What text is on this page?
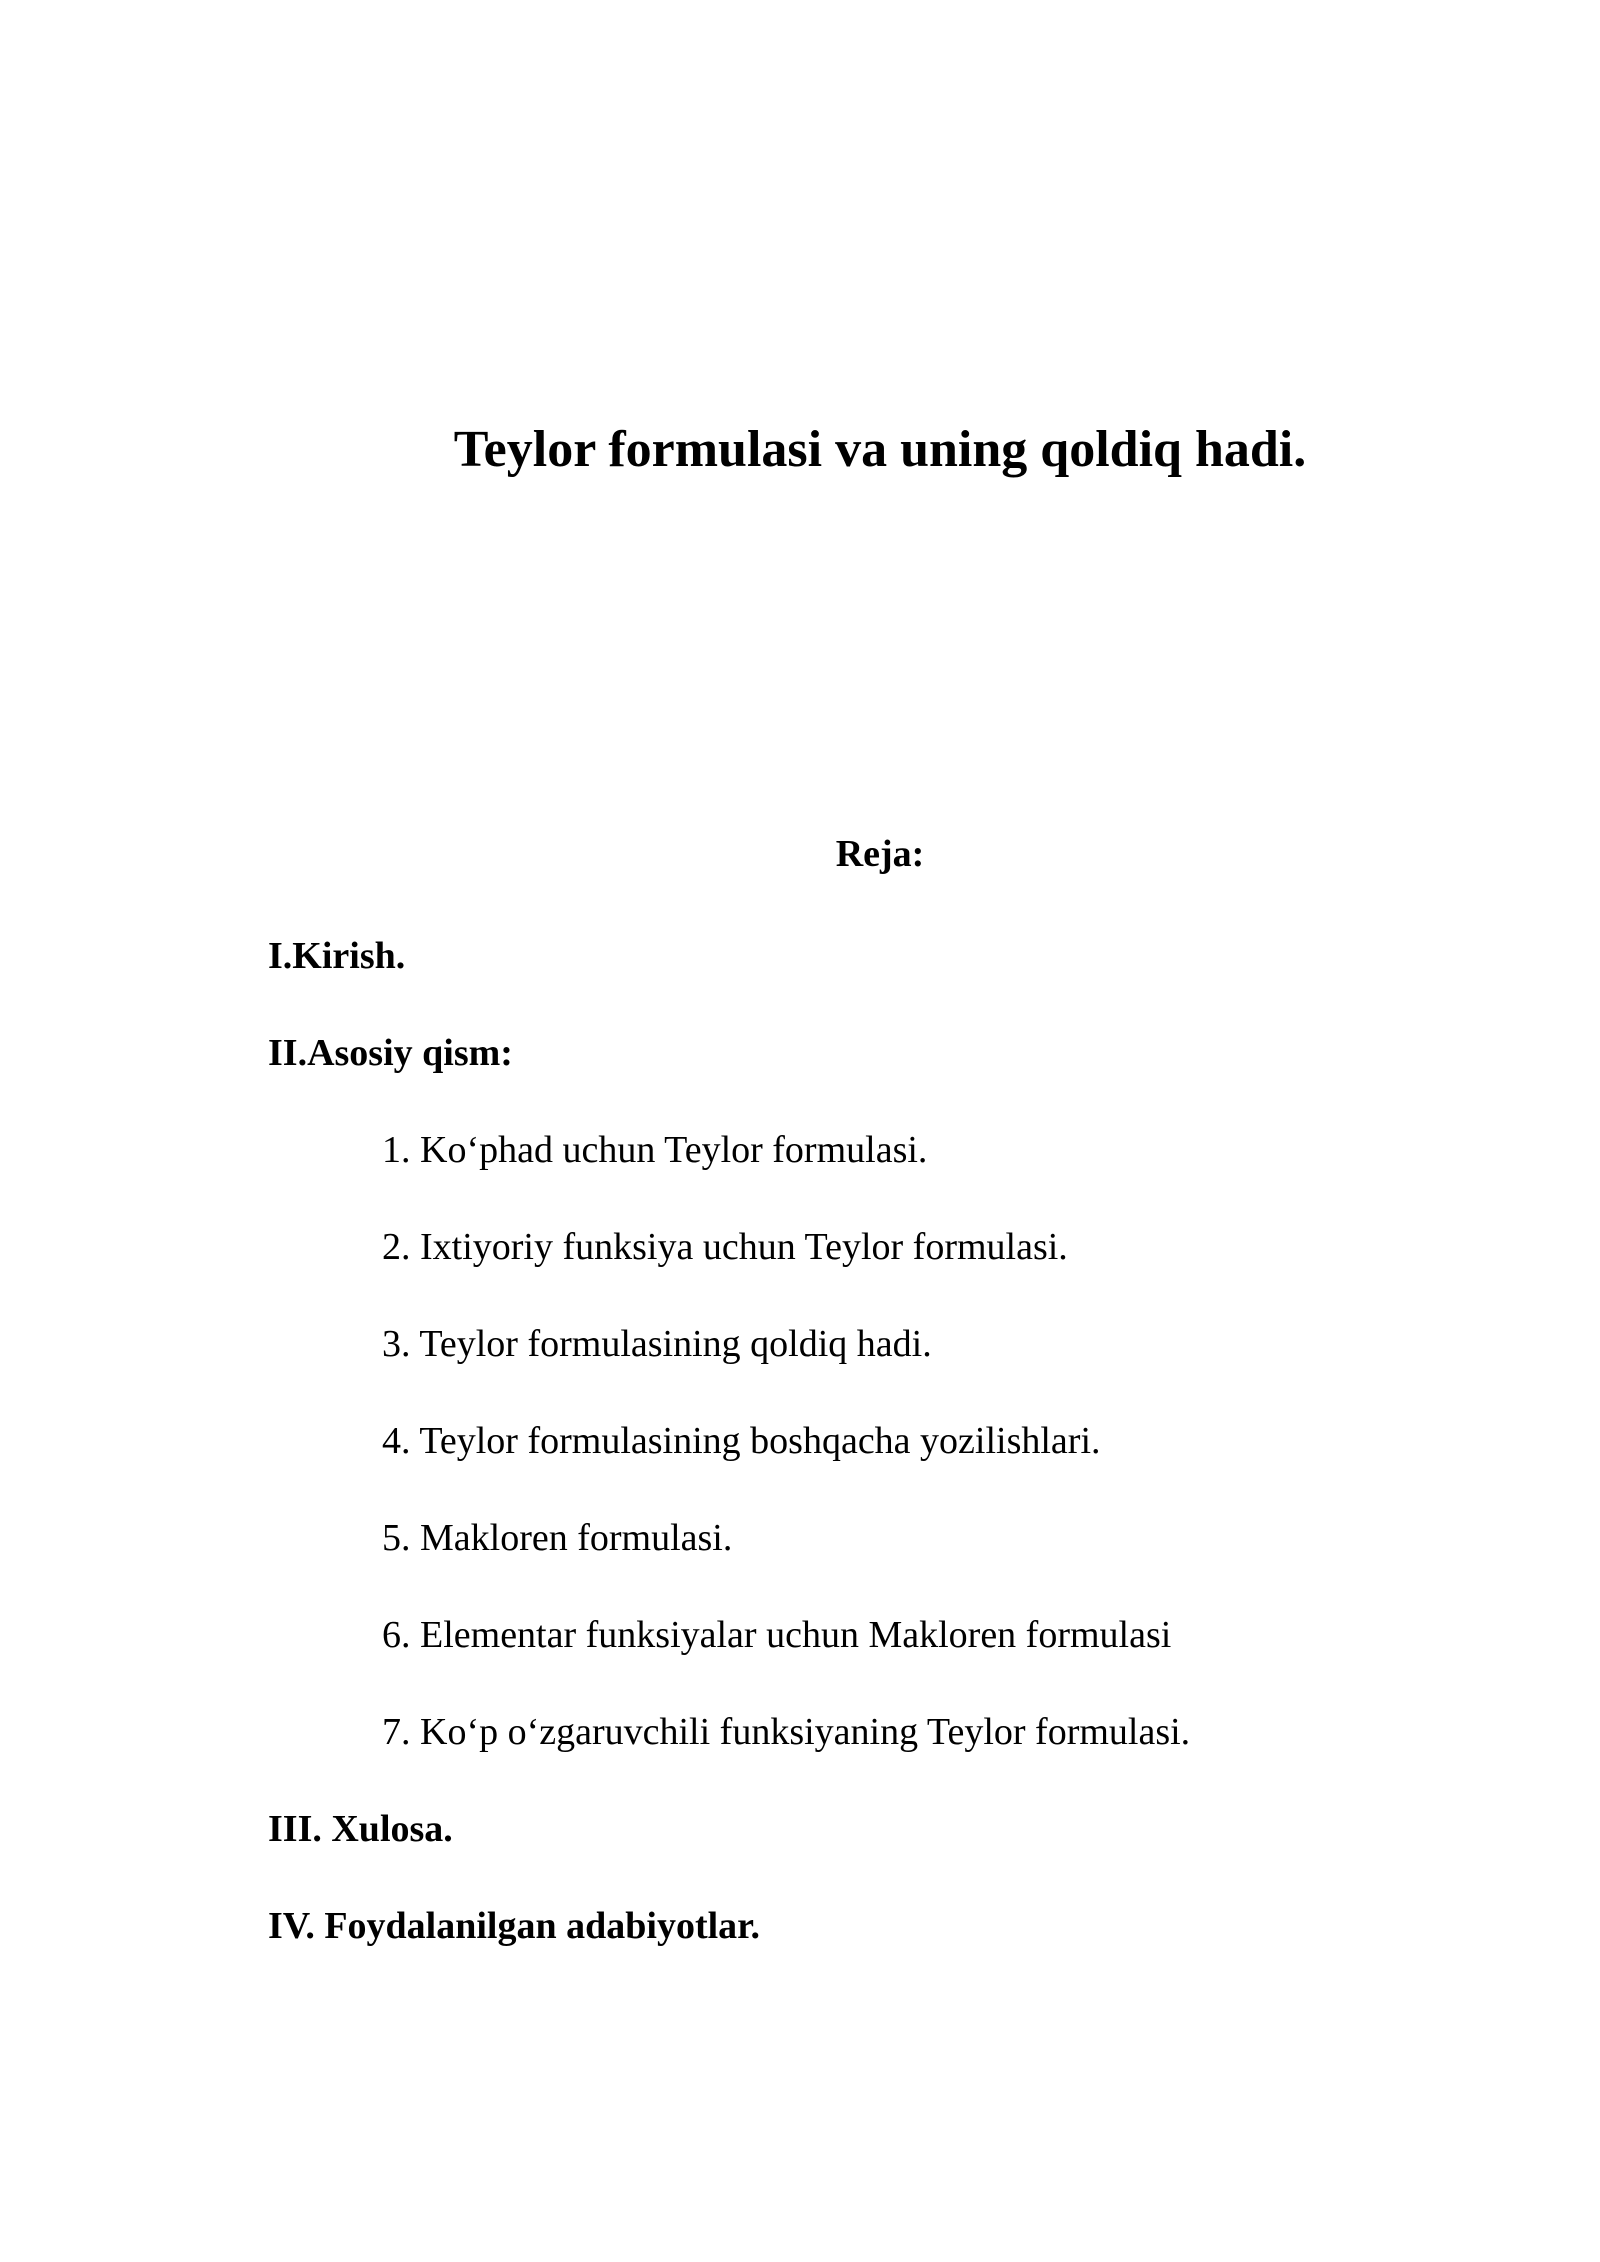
Teylor formulasi va uning qoldiq hadi.
Reja:

I.Kirish.

II.Asosiy qism:

1 . Ko‘phad uchun Teylor formulasi.

2 . Ixtiyoriy funksiya uchun Teylor formulasi.

3 . Teylor formulasining qoldiq hadi.

4 . Teylor formulasining boshqacha yozilishlari.

5 . Makloren formulasi.

6 . Elementar funksiyalar uchun Makloren formulasi

7 . Ko‘p o‘zgaruvchili funksiyaning Teylor formulasi.

III. Xulosa.

IV. Foydalanilgan adabiyotlar.
